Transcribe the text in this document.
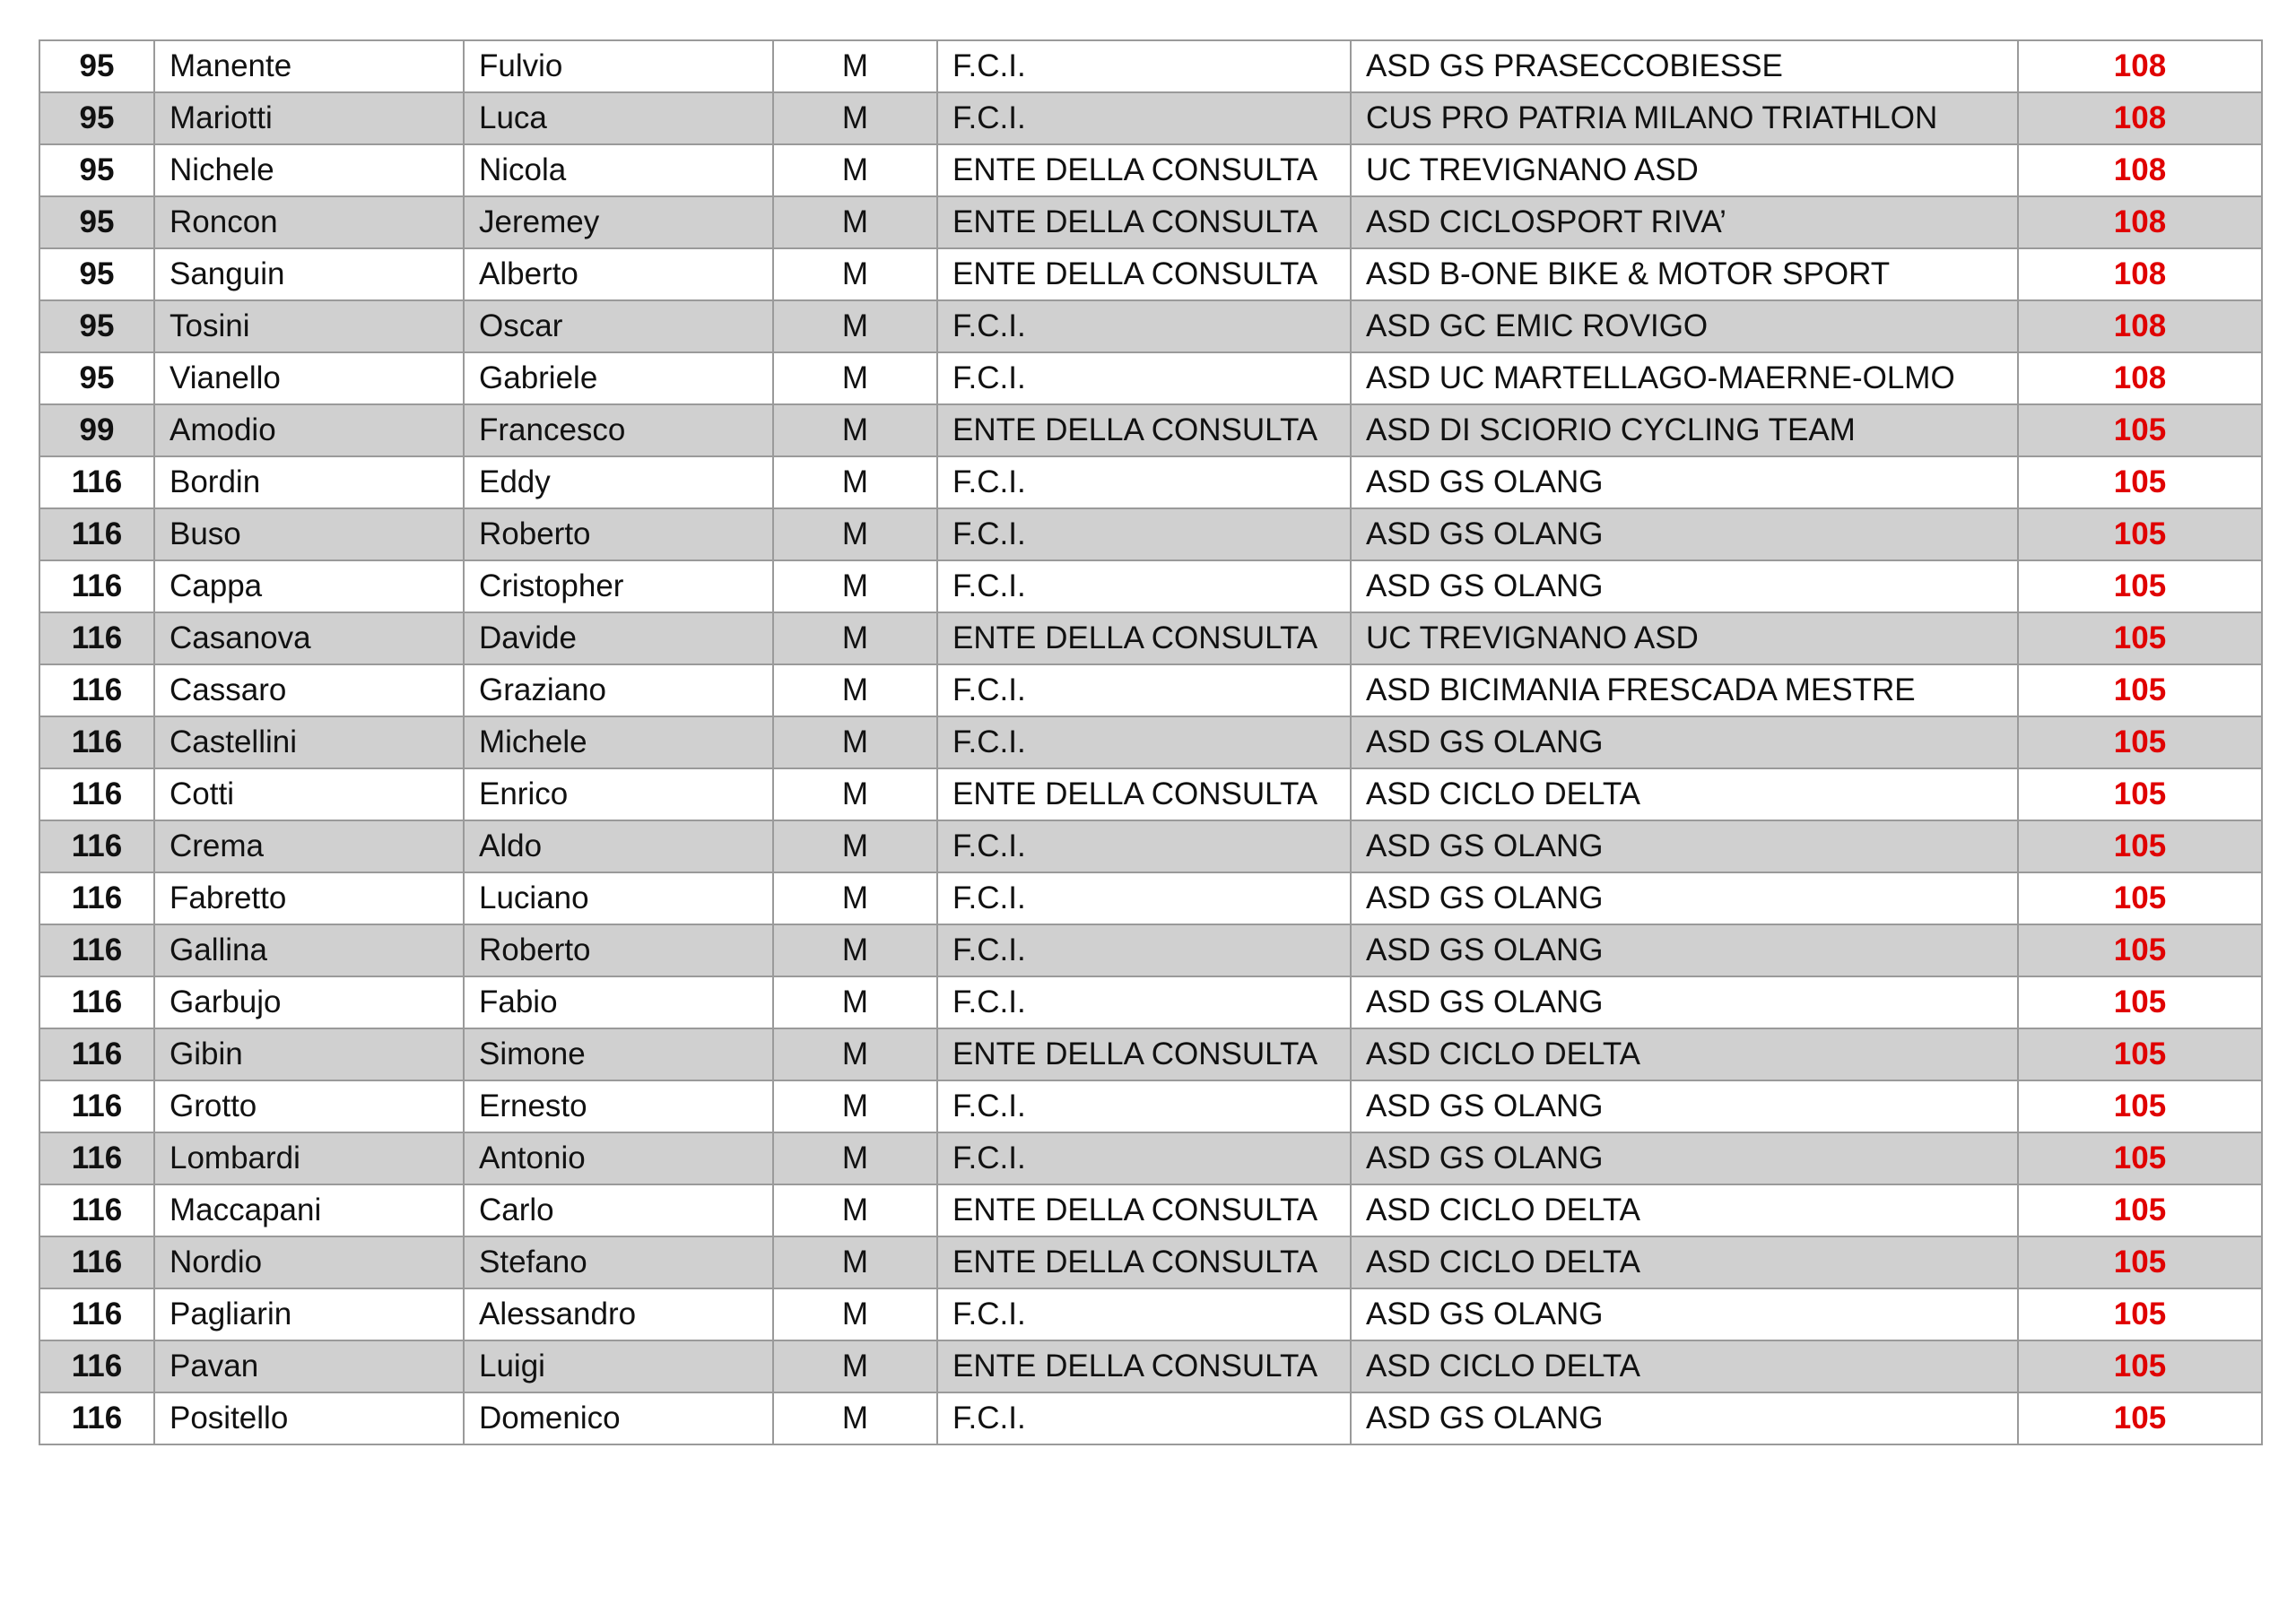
95	Manente	Fulvio	M	F.C.I.	ASD GS PRASECCOBIESSE	108
95	Mariotti	Luca	M	F.C.I.	CUS PRO PATRIA MILANO TRIATHLON	108
95	Nichele	Nicola	M	ENTE DELLA CONSULTA	UC TREVIGNANO ASD	108
95	Roncon	Jeremey	M	ENTE DELLA CONSULTA	ASD CICLOSPORT RIVA’	108
95	Sanguin	Alberto	M	ENTE DELLA CONSULTA	ASD B-ONE BIKE & MOTOR SPORT	108
95	Tosini	Oscar	M	F.C.I.	ASD GC EMIC ROVIGO	108
95	Vianello	Gabriele	M	F.C.I.	ASD UC MARTELLAGO-MAERNE-OLMO	108
99	Amodio	Francesco	M	ENTE DELLA CONSULTA	ASD DI SCIORIO CYCLING TEAM	105
116	Bordin	Eddy	M	F.C.I.	ASD GS OLANG	105
116	Buso	Roberto	M	F.C.I.	ASD GS OLANG	105
116	Cappa	Cristopher	M	F.C.I.	ASD GS OLANG	105
116	Casanova	Davide	M	ENTE DELLA CONSULTA	UC TREVIGNANO ASD	105
116	Cassaro	Graziano	M	F.C.I.	ASD BICIMANIA FRESCADA MESTRE	105
116	Castellini	Michele	M	F.C.I.	ASD GS OLANG	105
116	Cotti	Enrico	M	ENTE DELLA CONSULTA	ASD CICLO DELTA	105
116	Crema	Aldo	M	F.C.I.	ASD GS OLANG	105
116	Fabretto	Luciano	M	F.C.I.	ASD GS OLANG	105
116	Gallina	Roberto	M	F.C.I.	ASD GS OLANG	105
116	Garbujo	Fabio	M	F.C.I.	ASD GS OLANG	105
116	Gibin	Simone	M	ENTE DELLA CONSULTA	ASD CICLO DELTA	105
116	Grotto	Ernesto	M	F.C.I.	ASD GS OLANG	105
116	Lombardi	Antonio	M	F.C.I.	ASD GS OLANG	105
116	Maccapani	Carlo	M	ENTE DELLA CONSULTA	ASD CICLO DELTA	105
116	Nordio	Stefano	M	ENTE DELLA CONSULTA	ASD CICLO DELTA	105
116	Pagliarin	Alessandro	M	F.C.I.	ASD GS OLANG	105
116	Pavan	Luigi	M	ENTE DELLA CONSULTA	ASD CICLO DELTA	105
116	Positello	Domenico	M	F.C.I.	ASD GS OLANG	105
